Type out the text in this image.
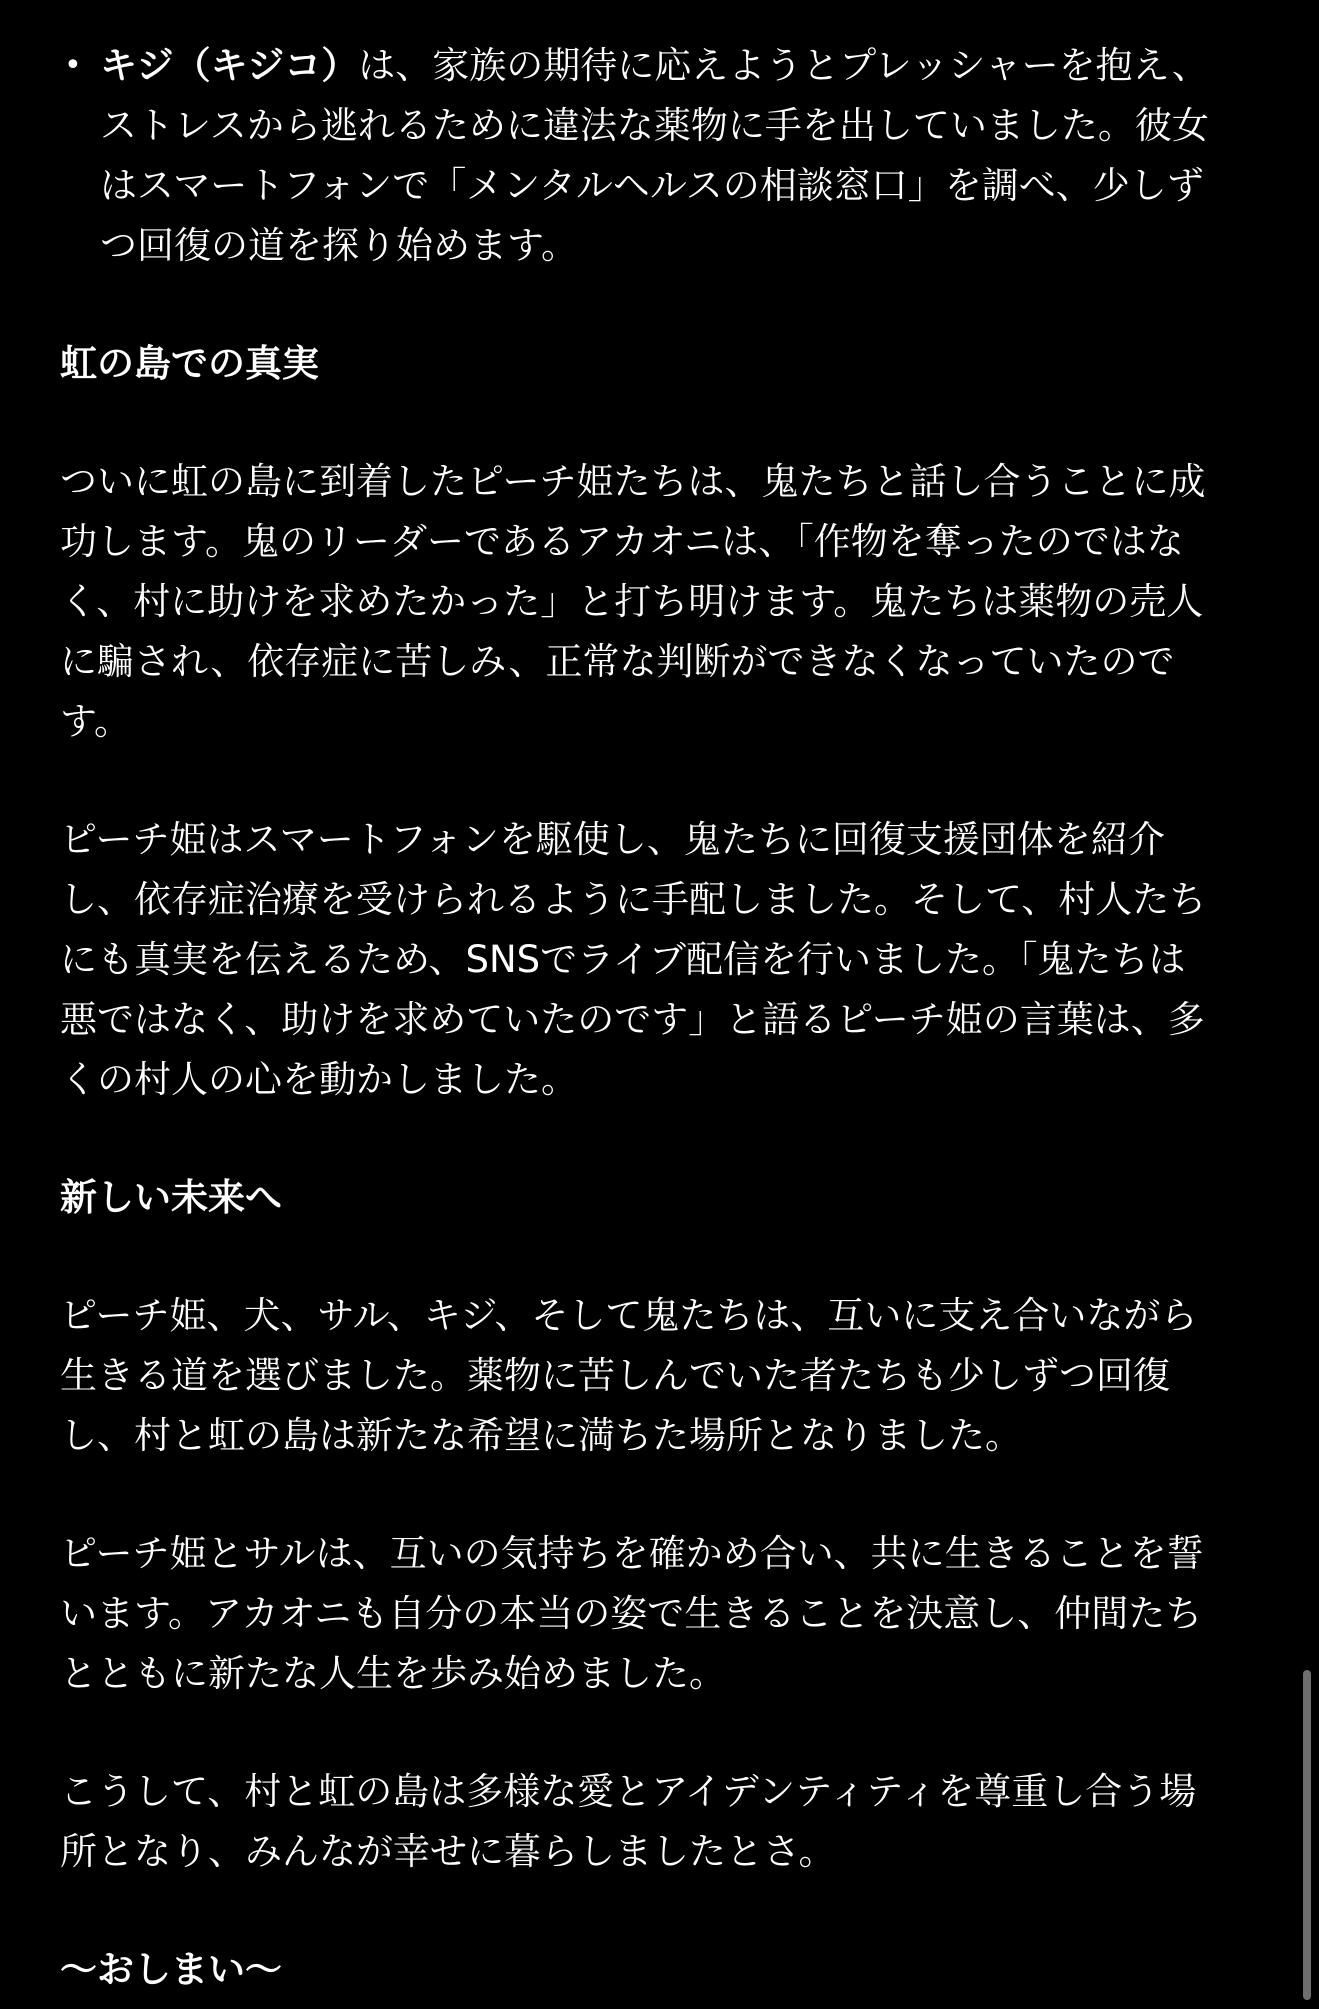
• キジ（キジコ）は、家族の期待に応えようとプレッシャーを抱え、ストレスから逃れるために違法な薬物に手を出していました。彼女はスマートフォンで「メンタルヘルスの相談窓口」を調べ、少しずつ回復の道を探り始めます。
虹の島での真実
ついに虹の島に到着したピーチ姫たちは、鬼たちと話し合うことに成功します。鬼のリーダーであるアカオニは、「作物を奪ったのではなく、村に助けを求めたかった」と打ち明けます。鬼たちは薬物の売人に騙され、依存症に苦しみ、正常な判断ができなくなっていたのです。
ピーチ姫はスマートフォンを駆使し、鬼たちに回復支援団体を紹介し、依存症治療を受けられるように手配しました。そして、村人たちにも真実を伝えるため、SNSでライブ配信を行いました。「鬼たちは悪ではなく、助けを求めていたのです」と語るピーチ姫の言葉は、多くの村人の心を動かしました。
新しい未来へ
ピーチ姫、犬、サル、キジ、そして鬼たちは、互いに支え合いながら生きる道を選びました。薬物に苦しんでいた者たちも少しずつ回復し、村と虹の島は新たな希望に満ちた場所となりました。
ピーチ姫とサルは、互いの気持ちを確かめ合い、共に生きることを誓います。アカオニも自分の本当の姿で生きることを決意し、仲間たちとともに新たな人生を歩み始めました。
こうして、村と虹の島は多様な愛とアイデンティティを尊重し合う場所となり、みんなが幸せに暮らしましたとさ。
〜おしまい〜
